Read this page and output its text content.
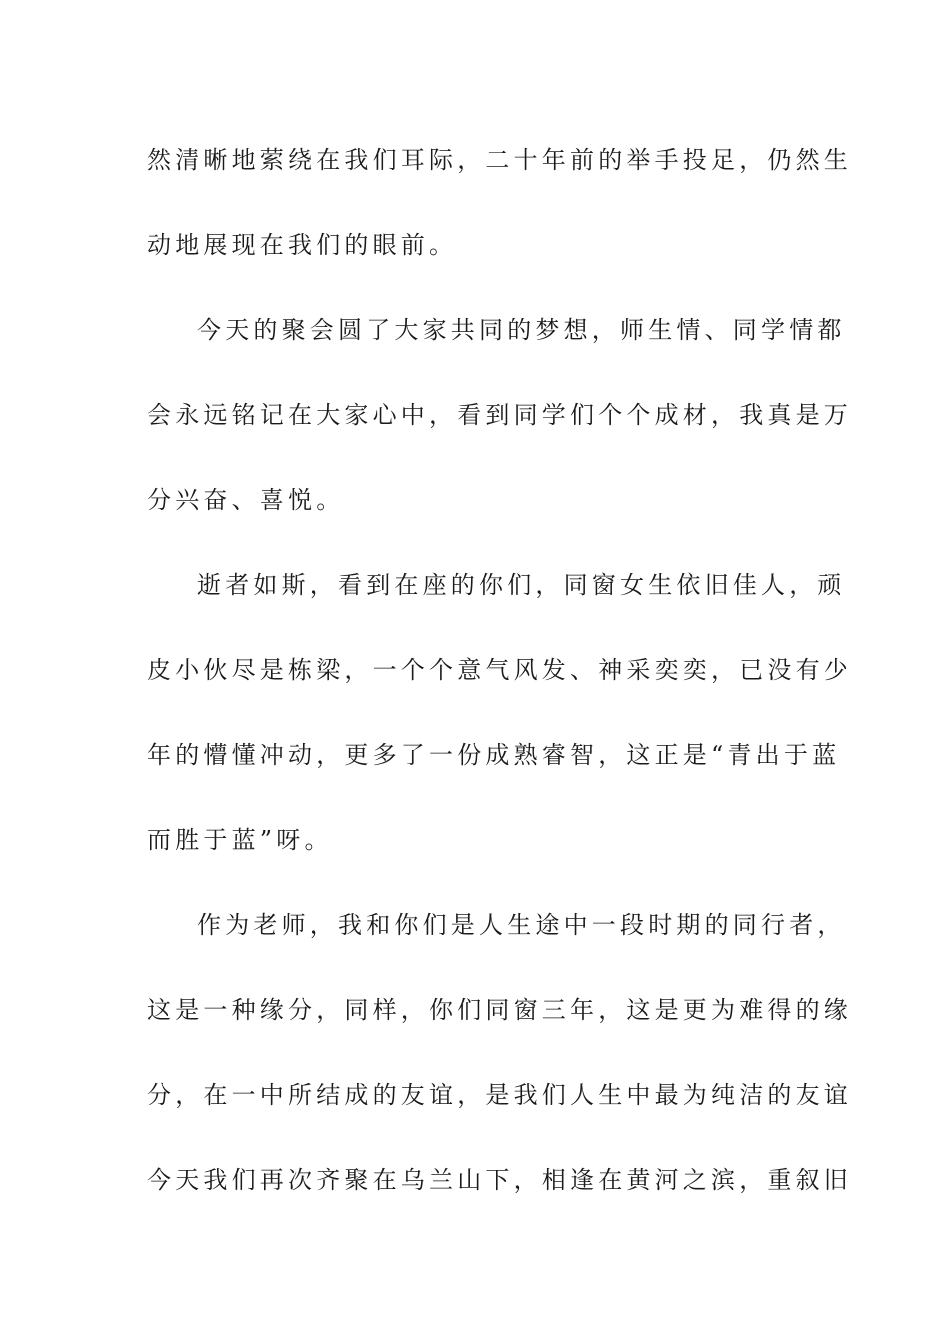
然清晰地萦绕在我们耳际，二十年前的举手投足，仍然生
动地展现在我们的眼前。
今天的聚会圆了大家共同的梦想，师生情、同学情都
会永远铭记在大家心中，看到同学们个个成材，我真是万
分兴奋、喜悦。
逝者如斯，看到在座的你们，同窗女生依旧佳人，顽
皮小伙尽是栋梁，一个个意气风发、神采奕奕，已没有少
年的懵懂冲动，更多了一份成熟睿智，这正是“青出于蓝
而胜于蓝”呀。
作为老师，我和你们是人生途中一段时期的同行者，
这是一种缘分，同样，你们同窗三年，这是更为难得的缘
分，在一中所结成的友谊，是我们人生中最为纯洁的友谊
今天我们再次齐聚在乌兰山下，相逢在黄河之滨，重叙旧
